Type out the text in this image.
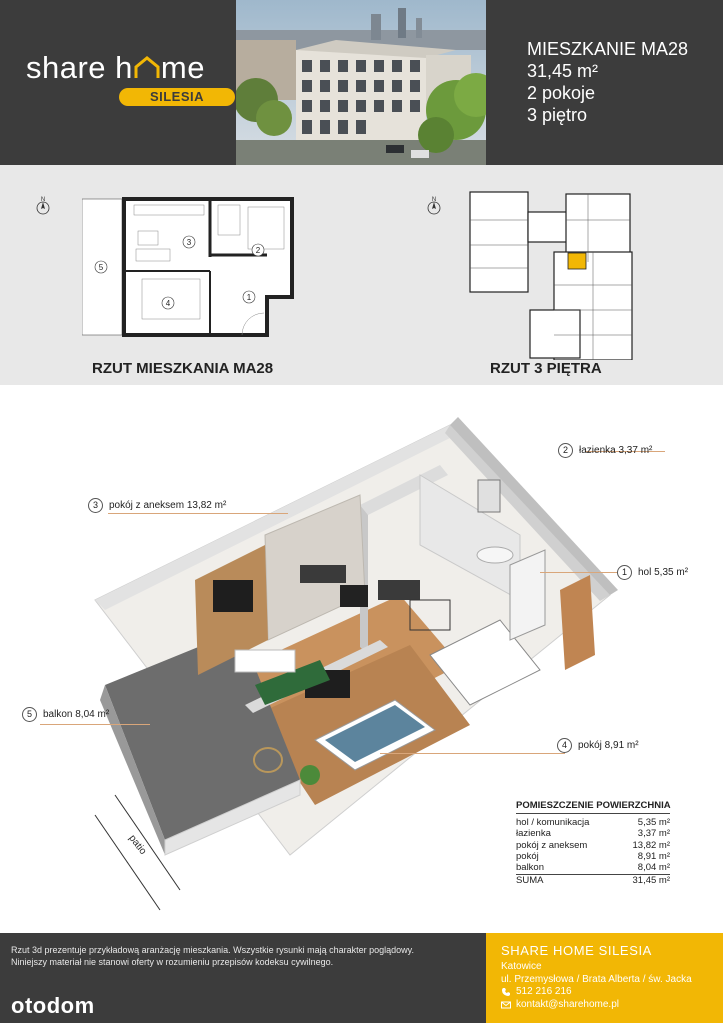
share h me
SILESIA
MIESZKANIE MA28
31,45 m²
2 pokoje
3 piętro
N
3
2
1
4
5
N
RZUT MIESZKANIA MA28	RZUT 3 PIĘTRA
2	łazienka 3,37 m²
3	pokój z aneksem 13,82 m²
1	hol 5,35 m²
5	balkon 8,04 m²
4	pokój 8,91 m²
patio
POMIESZCZENIE POWIERZCHNIA
hol / komunikacja	5,35 m²
łazienka	3,37 m²
pokój z aneksem	13,82 m²
pokój	8,91 m²
balkon	8,04 m²
SUMA	31,45 m²
Rzut 3d prezentuje przykładową aranżację mieszkania. Wszystkie rysunki mają charakter poglądowy.
Niniejszy materiał nie stanowi oferty w rozumieniu przepisów kodeksu cywilnego.
otodom
SHARE HOME SILESIA
Katowice
ul. Przemysłowa / Brata Alberta / św. Jacka
512 216 216
kontakt@sharehome.pl
